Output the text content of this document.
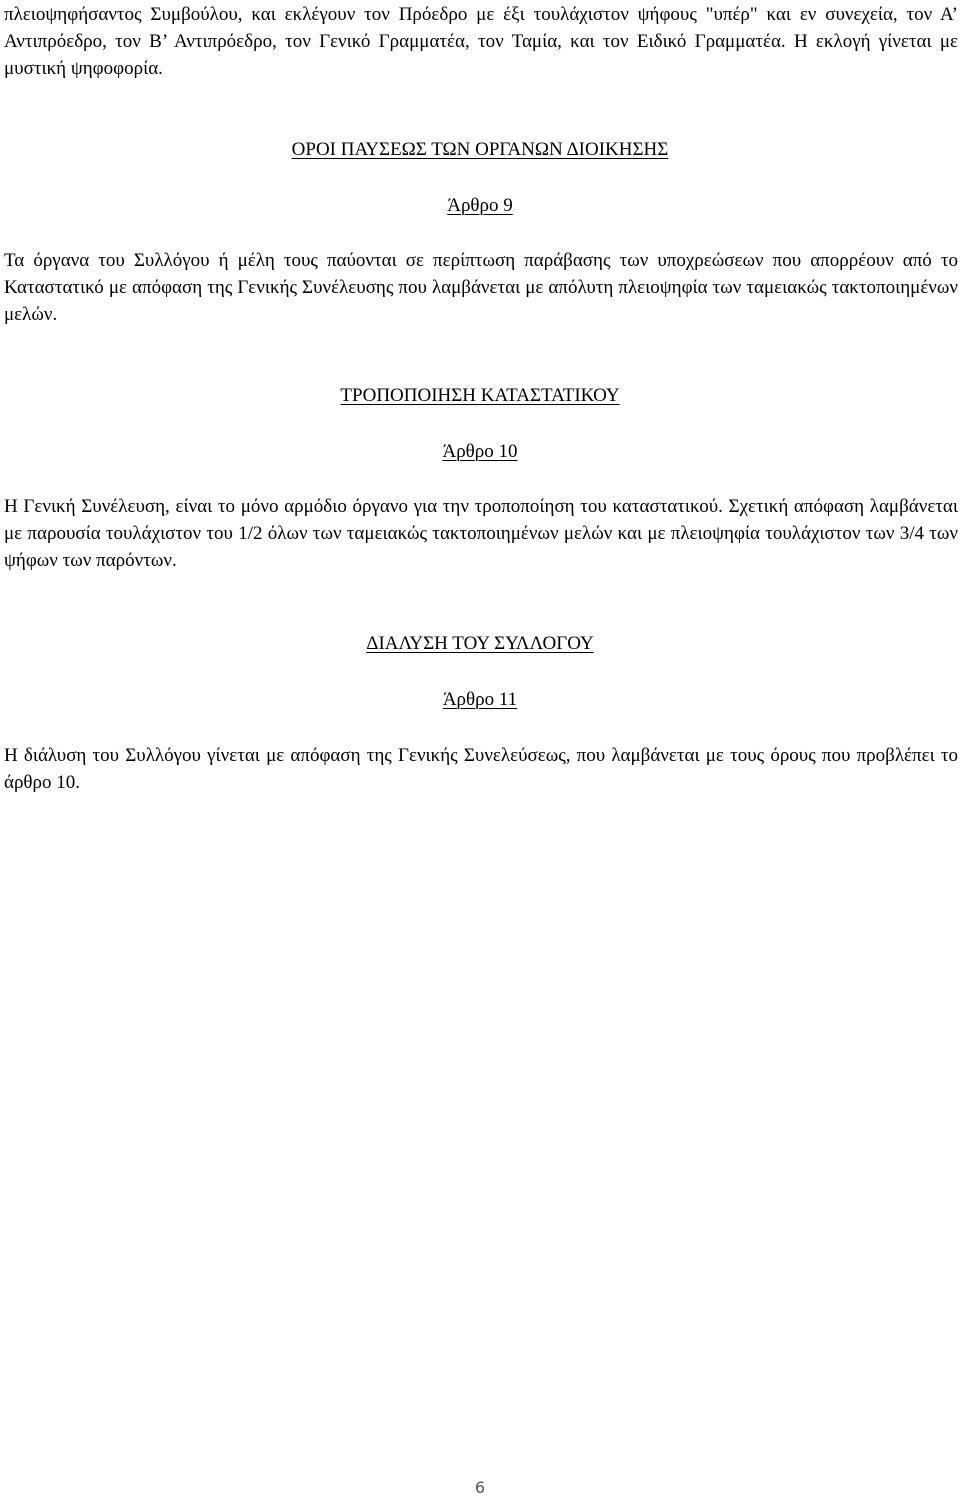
πλειοψηφήσαντος Συμβούλου, και εκλέγουν τον Πρόεδρο με έξι τουλάχιστον ψήφους "υπέρ" και εν συνεχεία, τον Α’ Αντιπρόεδρο, τον Β’ Αντιπρόεδρο, τον Γενικό Γραμματέα, τον Ταμία, και τον Ειδικό Γραμματέα. Η εκλογή γίνεται με μυστική ψηφοφορία.

ΟΡΟΙ ΠΑΥΣΕΩΣ ΤΩΝ ΟΡΓΑΝΩΝ ΔΙΟΙΚΗΣΗΣ

Άρθρο 9

Τα όργανα του Συλλόγου ή μέλη τους παύονται σε περίπτωση παράβασης των υποχρεώσεων που απορρέουν από το Καταστατικό με απόφαση της Γενικής Συνέλευσης που λαμβάνεται με απόλυτη πλειοψηφία των ταμειακώς τακτοποιημένων μελών.

ΤΡΟΠΟΠΟΙΗΣΗ ΚΑΤΑΣΤΑΤΙΚΟΥ

Άρθρο 10

Η Γενική Συνέλευση, είναι το μόνο αρμόδιο όργανο για την τροποποίηση του καταστατικού. Σχετική απόφαση λαμβάνεται με παρουσία τουλάχιστον του 1/2 όλων των ταμειακώς τακτοποιημένων μελών και με πλειοψηφία τουλάχιστον των 3/4 των ψήφων των παρόντων.

ΔΙΑΛΥΣΗ ΤΟΥ ΣΥΛΛΟΓΟΥ

Άρθρο 11

Η διάλυση του Συλλόγου γίνεται με απόφαση της Γενικής Συνελεύσεως, που λαμβάνεται με τους όρους που προβλέπει το άρθρο 10.

6
